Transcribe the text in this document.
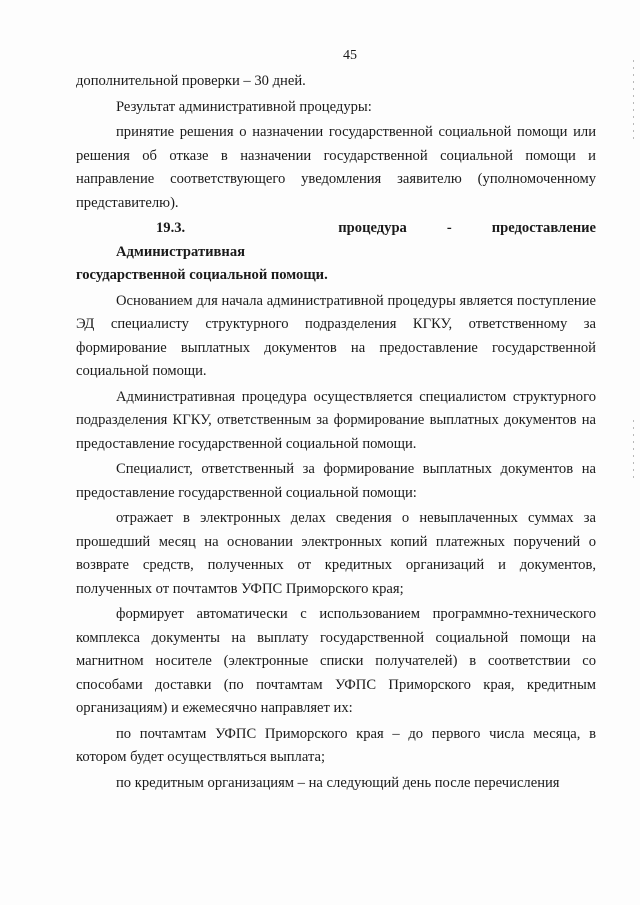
45

дополнительной проверки – 30 дней.

Результат административной процедуры:

принятие решения о назначении государственной социальной помощи или решения об отказе в назначении государственной социальной помощи и направление соответствующего уведомления заявителю (уполномоченному представителю).

19.3. Административная
процедура	-	предоставление
государственной социальной помощи.

Основанием для начала административной процедуры является поступление ЭД специалисту структурного подразделения КГКУ, ответственному за формирование выплатных документов на предоставление государственной социальной помощи.

Административная процедура осуществляется специалистом структурного подразделения КГКУ, ответственным за формирование выплатных документов на предоставление государственной социальной помощи.

Специалист, ответственный за формирование выплатных документов на предоставление государственной социальной помощи:

отражает в электронных делах сведения о невыплаченных суммах за прошедший месяц на основании электронных копий платежных поручений о возврате средств, полученных от кредитных организаций и документов, полученных от почтамтов УФПС Приморского края;

формирует автоматически с использованием программно-технического комплекса документы на выплату государственной социальной помощи на магнитном носителе (электронные списки получателей) в соответствии со способами доставки (по почтамтам УФПС Приморского края, кредитным организациям) и ежемесячно направляет их:

по почтамтам УФПС Приморского края – до первого числа месяца, в котором будет осуществляться выплата;

по кредитным организациям – на следующий день после перечисления
